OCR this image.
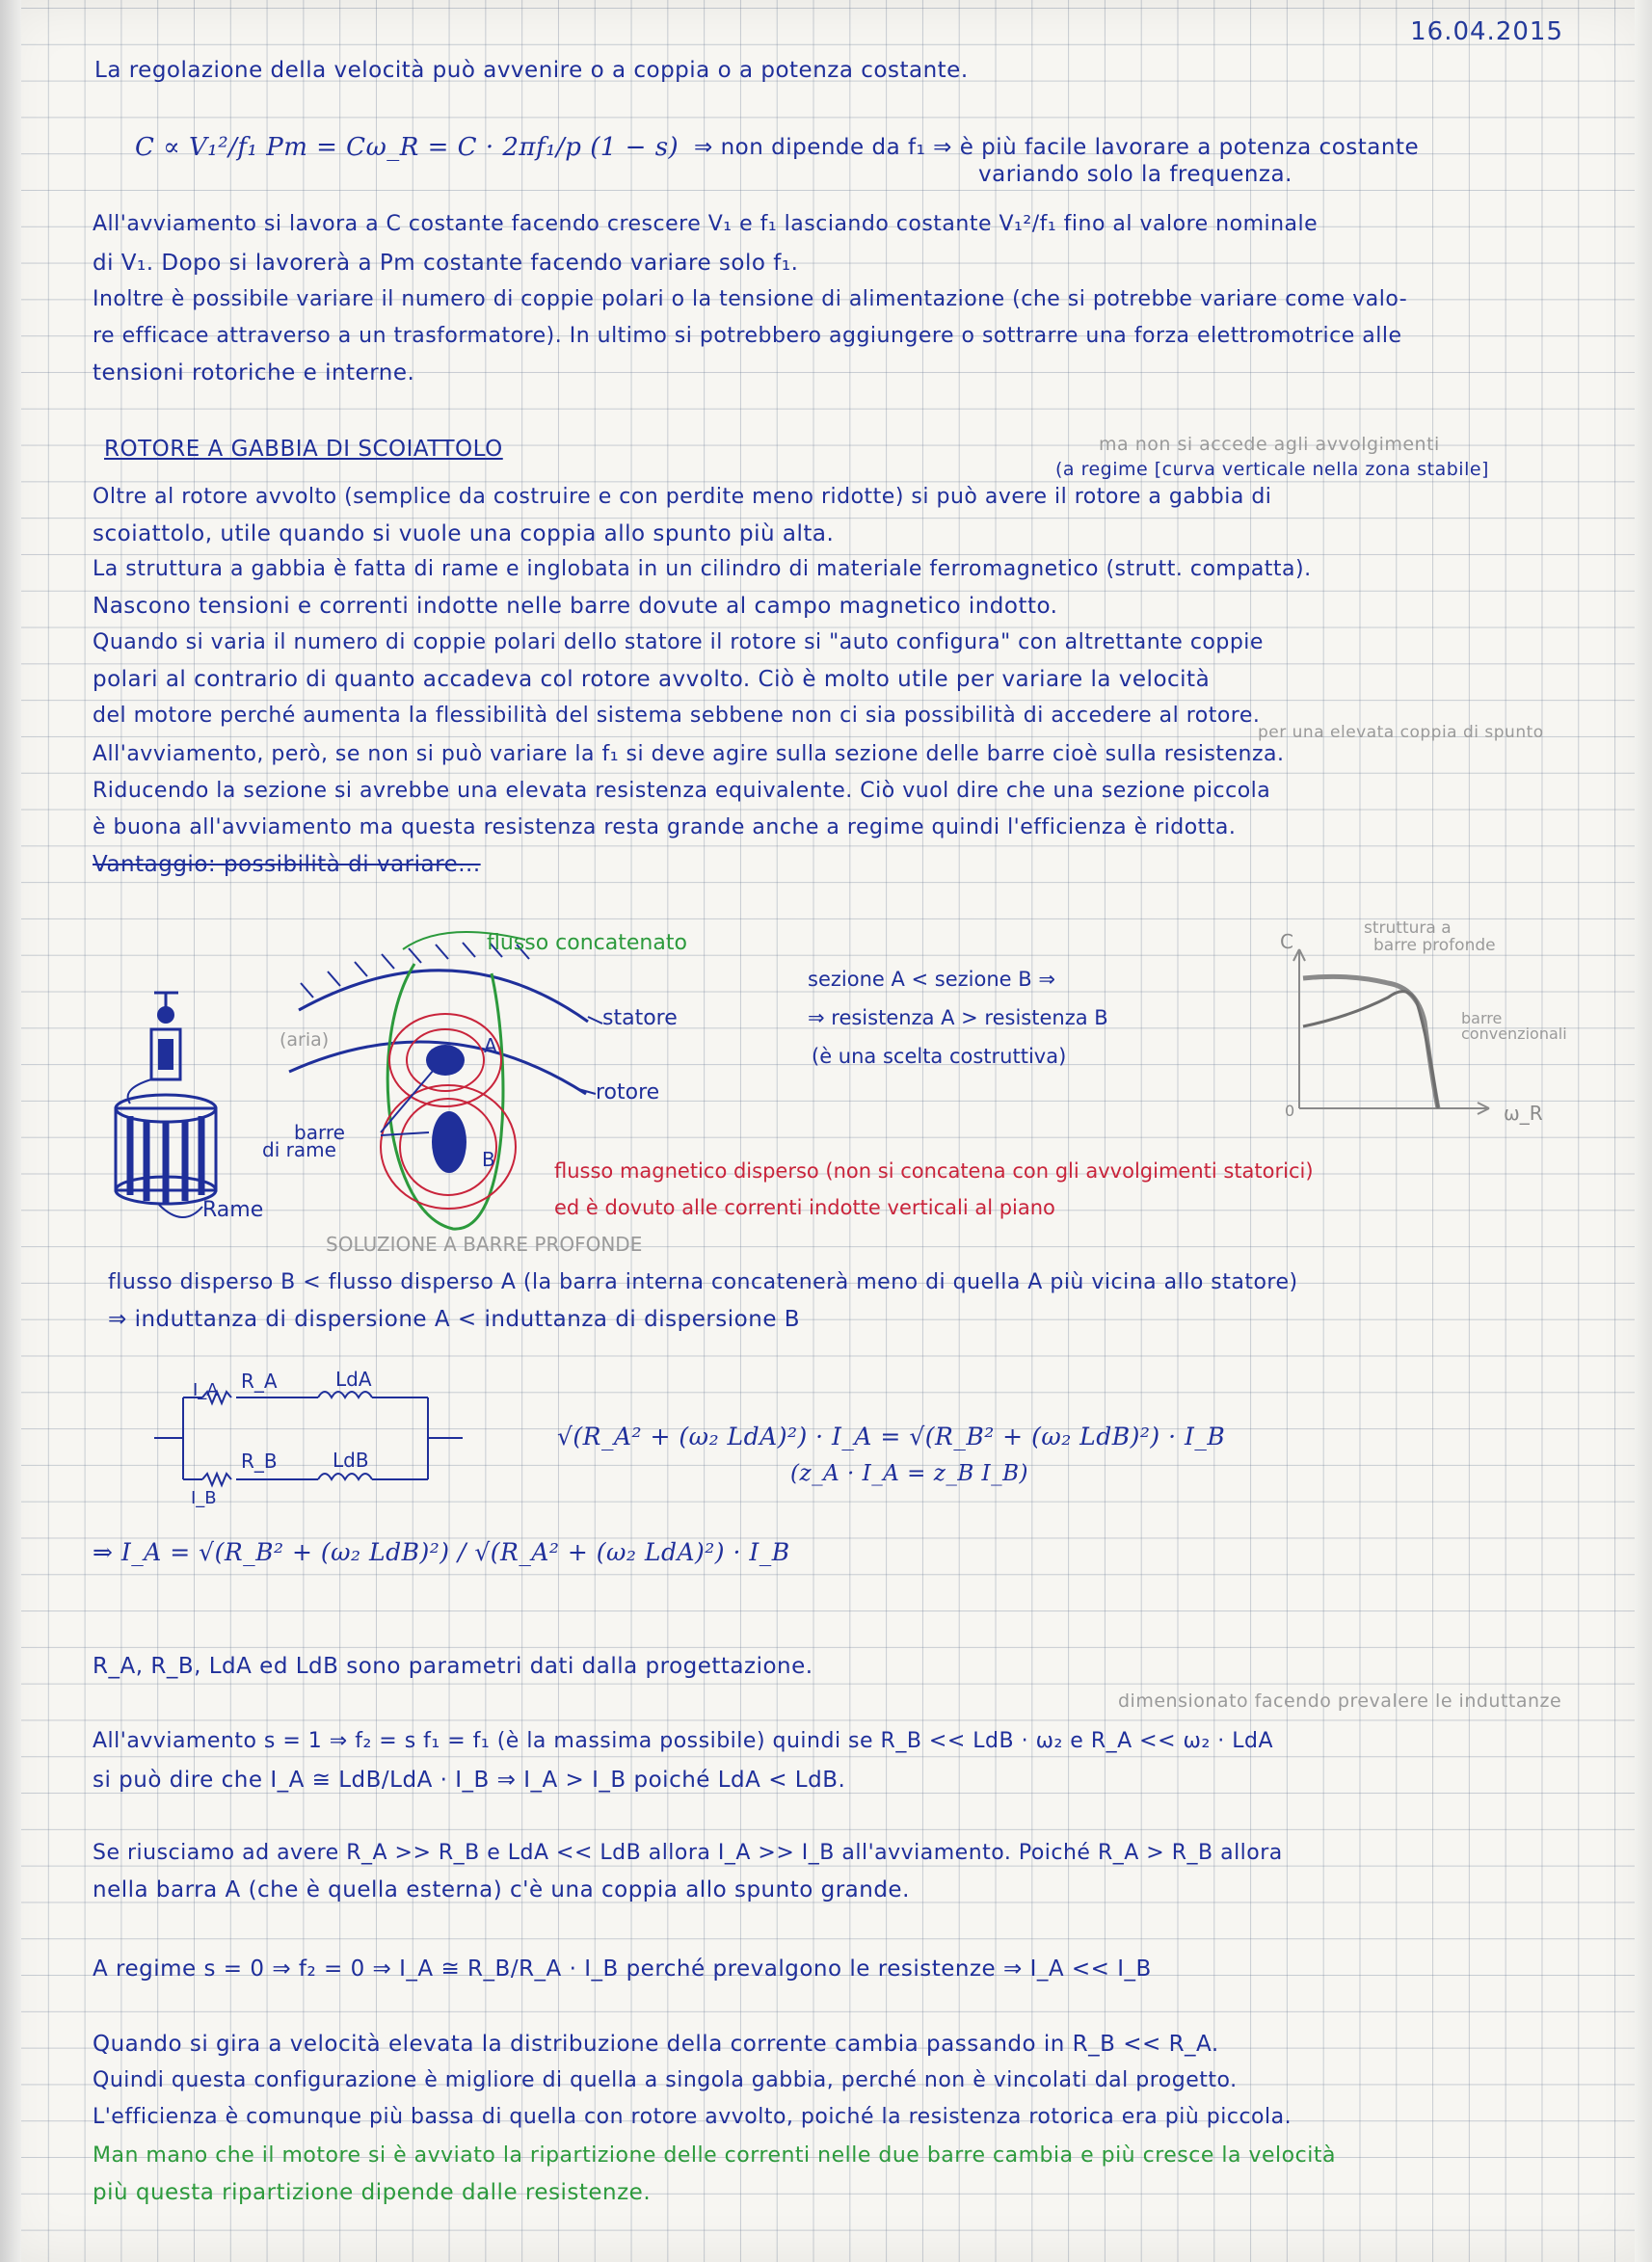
16.04.2015
La regolazione della velocità può avvenire o a coppia o a potenza costante.
C ∝ V₁²/f₁ Pm = Cω_R = C · 2πf₁/p (1 − s) ⇒ non dipende da f₁ ⇒ è più facile lavorare a potenza costante
variando solo la frequenza.
All'avviamento si lavora a C costante facendo crescere V₁ e f₁ lasciando costante V₁²/f₁ fino al valore nominale
di V₁. Dopo si lavorerà a Pm costante facendo variare solo f₁.
Inoltre è possibile variare il numero di coppie polari o la tensione di alimentazione (che si potrebbe variare come valo-
re efficace attraverso a un trasformatore). In ultimo si potrebbero aggiungere o sottrarre una forza elettromotrice alle
tensioni rotoriche e interne.
ROTORE A GABBIA DI SCOIATTOLO	ma non si accede agli avvolgimenti
(a regime [curva verticale nella zona stabile]
Oltre al rotore avvolto (semplice da costruire e con perdite meno ridotte) si può avere il rotore a gabbia di
scoiattolo, utile quando si vuole una coppia allo spunto più alta.
La struttura a gabbia è fatta di rame e inglobata in un cilindro di materiale ferromagnetico (strutt. compatta).
Nascono tensioni e correnti indotte nelle barre dovute al campo magnetico indotto.
Quando si varia il numero di coppie polari dello statore il rotore si "auto configura" con altrettante coppie
polari al contrario di quanto accadeva col rotore avvolto. Ciò è molto utile per variare la velocità
del motore perché aumenta la flessibilità del sistema sebbene non ci sia possibilità di accedere al rotore.
per una elevata coppia di spunto
All'avviamento, però, se non si può variare la f₁ si deve agire sulla sezione delle barre cioè sulla resistenza.
Riducendo la sezione si avrebbe una elevata resistenza equivalente. Ciò vuol dire che una sezione piccola
è buona all'avviamento ma questa resistenza resta grande anche a regime quindi l'efficienza è ridotta.
Vantaggio: possibilità di variare...
Rame
A
B
flusso concatenato
statore
rotore
(aria)
barre
di rame
SOLUZIONE A BARRE PROFONDE
flusso magnetico disperso (non si concatena con gli avvolgimenti statorici)
ed è dovuto alle correnti indotte verticali al piano
sezione A < sezione B ⇒
⇒ resistenza A > resistenza B
(è una scelta costruttiva)
C
ω_R
0
struttura a
barre profonde
barre
convenzionali
I_A R_A	LdA
I_B
R_B	LdB
flusso disperso B < flusso disperso A (la barra interna concatenerà meno di quella A più vicina allo statore)
⇒ induttanza di dispersione A < induttanza di dispersione B
√(R_A² + (ω₂ LdA)²) · I_A = √(R_B² + (ω₂ LdB)²) · I_B
(z_A · I_A = z_B I_B)
⇒ I_A = √(R_B² + (ω₂ LdB)²) / √(R_A² + (ω₂ LdA)²) · I_B
R_A, R_B, LdA ed LdB sono parametri dati dalla progettazione.
dimensionato facendo prevalere le induttanze
All'avviamento s = 1 ⇒ f₂ = s f₁ = f₁ (è la massima possibile) quindi se R_B << LdB · ω₂ e R_A << ω₂ · LdA
si può dire che I_A ≅ LdB/LdA · I_B ⇒ I_A > I_B poiché LdA < LdB.
Se riusciamo ad avere R_A >> R_B e LdA << LdB allora I_A >> I_B all'avviamento. Poiché R_A > R_B allora
nella barra A (che è quella esterna) c'è una coppia allo spunto grande.
A regime s = 0 ⇒ f₂ = 0 ⇒ I_A ≅ R_B/R_A · I_B perché prevalgono le resistenze ⇒ I_A << I_B
Quando si gira a velocità elevata la distribuzione della corrente cambia passando in R_B << R_A.
Quindi questa configurazione è migliore di quella a singola gabbia, perché non è vincolati dal progetto.
L'efficienza è comunque più bassa di quella con rotore avvolto, poiché la resistenza rotorica era più piccola.
Man mano che il motore si è avviato la ripartizione delle correnti nelle due barre cambia e più cresce la velocità
più questa ripartizione dipende dalle resistenze.
